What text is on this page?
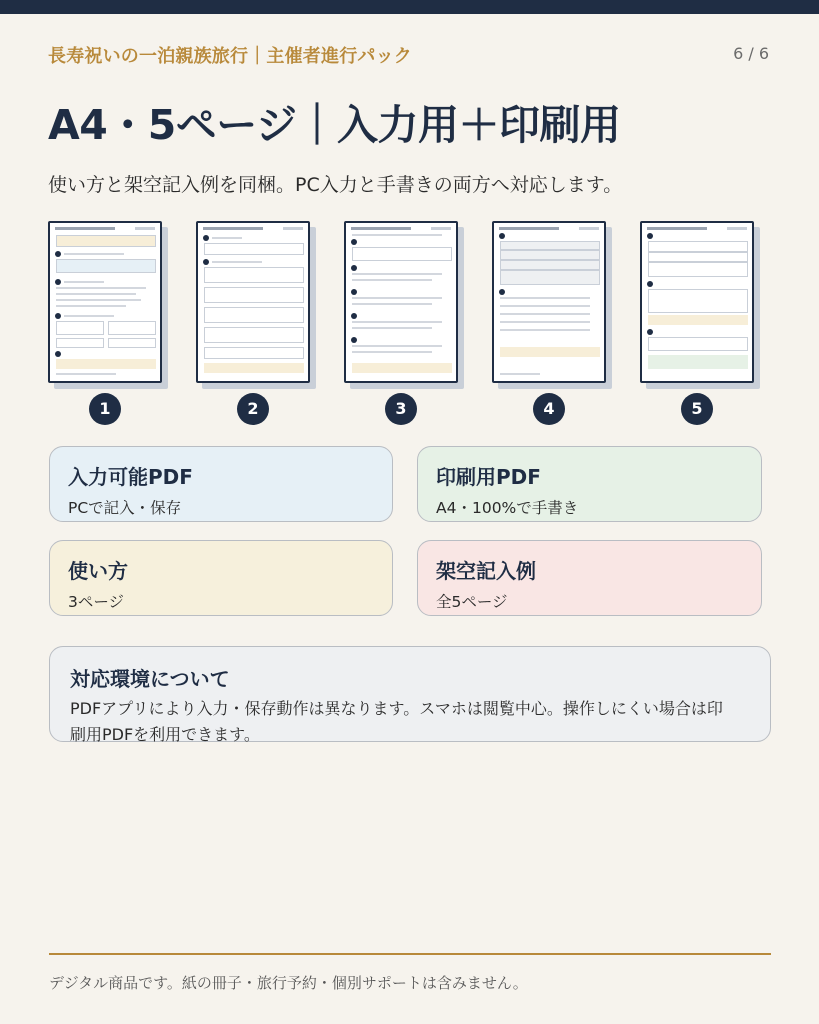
長寿祝いの一泊親族旅行｜主催者進行パック	6 / 6
A4・5ページ｜入力用＋印刷用
使い方と架空記入例を同梱。PC入力と手書きの両方へ対応します。
1	2	3	4	5
入力可能PDF
PCで記入・保存
印刷用PDF
A4・100%で手書き
使い方
3ページ
架空記入例
全5ページ
対応環境について
PDFアプリにより入力・保存動作は異なります。スマホは閲覧中心。操作しにくい場合は印刷用PDFを利用できます。
デジタル商品です。紙の冊子・旅行予約・個別サポートは含みません。
